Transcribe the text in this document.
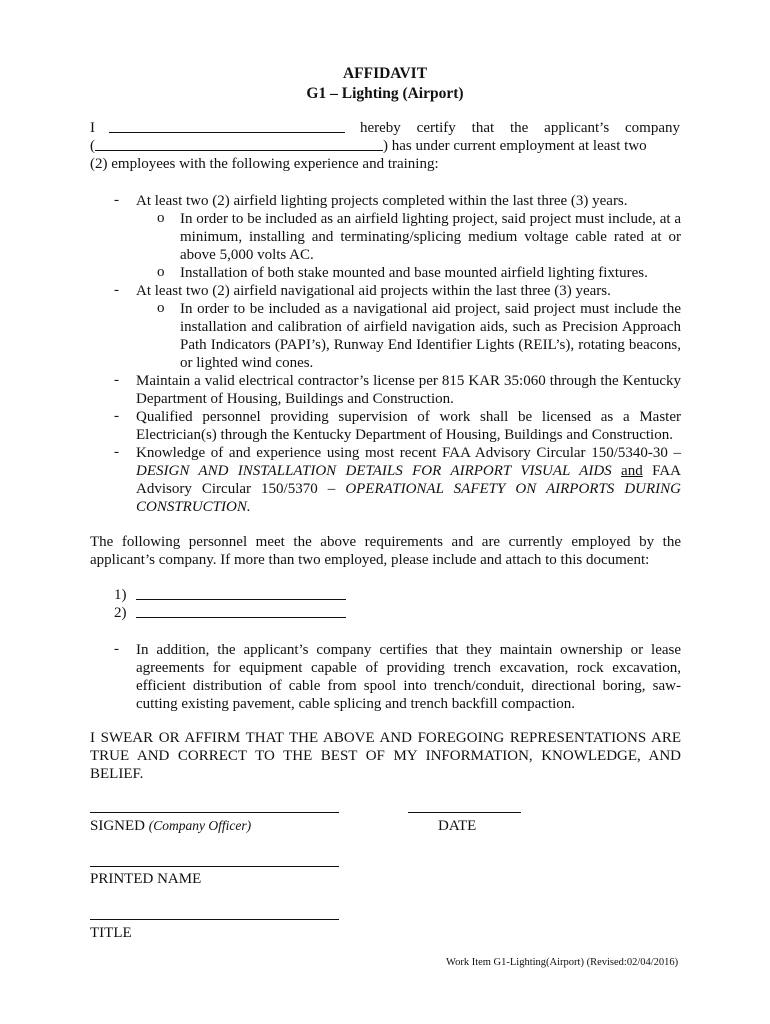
AFFIDAVIT
G1 – Lighting (Airport)
I	hereby certify that the applicant’s company
(	) has under current employment at least two
(2) employees with the following experience and training:
- At least two (2) airfield lighting projects completed within the last three (3) years.

o In order to be included as an airfield lighting project, said project must include, at a minimum, installing and terminating/splicing medium voltage cable rated at or above 5,000 volts AC.

o Installation of both stake mounted and base mounted airfield lighting fixtures.

- At least two (2) airfield navigational aid projects within the last three (3) years.

o In order to be included as a navigational aid project, said project must include the installation and calibration of airfield navigation aids, such as Precision Approach Path Indicators (PAPI’s), Runway End Identifier Lights (REIL’s), rotating beacons, or lighted wind cones.

- Maintain a valid electrical contractor’s license per 815 KAR 35:060 through the Kentucky Department of Housing, Buildings and Construction.

- Qualified personnel providing supervision of work shall be licensed as a Master Electrician(s) through the Kentucky Department of Housing, Buildings and Construction.

- Knowledge of and experience using most recent FAA Advisory Circular 150/5340-30 – DESIGN AND INSTALLATION DETAILS FOR AIRPORT VISUAL AIDS and FAA Advisory Circular 150/5370 – OPERATIONAL SAFETY ON AIRPORTS DURING CONSTRUCTION.

The following personnel meet the above requirements and are currently employed by the applicant’s company. If more than two employed, please include and attach to this document:

1)
2)
- In addition, the applicant’s company certifies that they maintain ownership or lease agreements for equipment capable of providing trench excavation, rock excavation, efficient distribution of cable from spool into trench/conduit, directional boring, saw-cutting existing pavement, cable splicing and trench backfill compaction.

I SWEAR OR AFFIRM THAT THE ABOVE AND FOREGOING REPRESENTATIONS ARE TRUE AND CORRECT TO THE BEST OF MY INFORMATION, KNOWLEDGE, AND BELIEF.

SIGNED (Company Officer)	DATE
PRINTED NAME
TITLE
Work Item G1-Lighting(Airport) (Revised:02/04/2016)
